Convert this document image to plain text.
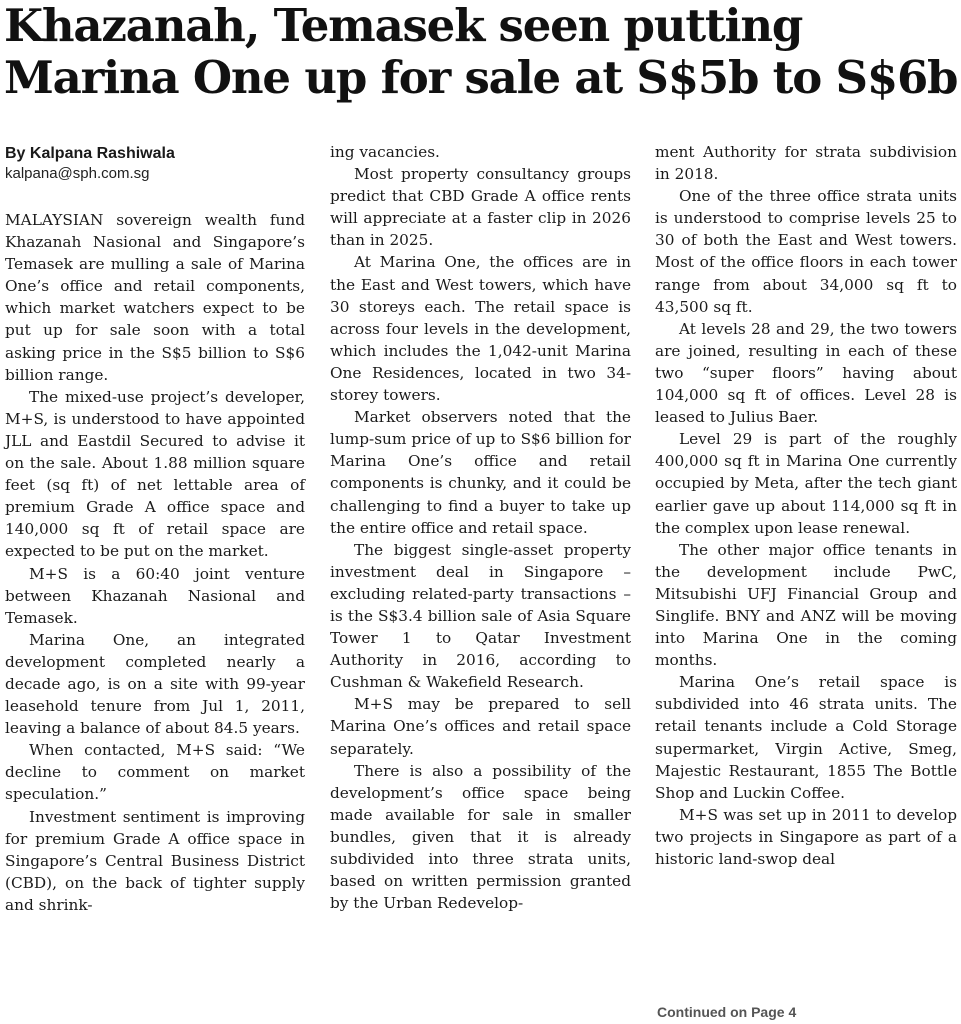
Khazanah, Temasek seen putting
Marina One up for sale at S$5b to S$6b
By Kalpana Rashiwala
kalpana@sph.com.sg

MALAYSIAN sovereign wealth fund Khazanah Nasional and Singapore’s Temasek are mulling a sale of Marina One’s office and retail components, which market watchers expect to be put up for sale soon with a total asking price in the S$5 billion to S$6 billion range.

The mixed-use project’s developer, M+S, is understood to have appointed JLL and Eastdil Secured to advise it on the sale. About 1.88 million square feet (sq ft) of net lettable area of premium Grade A office space and 140,000 sq ft of retail space are expected to be put on the market.

M+S is a 60:40 joint venture between Khazanah Nasional and Temasek.

Marina One, an integrated development completed nearly a decade ago, is on a site with 99-year leasehold tenure from Jul 1, 2011, leaving a balance of about 84.5 years.

When contacted, M+S said: “We decline to comment on market speculation.”

Investment sentiment is improving for premium Grade A office space in Singapore’s Central Business District (CBD), on the back of tighter supply and shrink-

ing vacancies.

Most property consultancy groups predict that CBD Grade A office rents will appreciate at a faster clip in 2026 than in 2025.

At Marina One, the offices are in the East and West towers, which have 30 storeys each. The retail space is across four levels in the development, which includes the 1,042-unit Marina One Residences, located in two 34-storey towers.

Market observers noted that the lump-sum price of up to S$6 billion for Marina One’s office and retail components is chunky, and it could be challenging to find a buyer to take up the entire office and retail space.

The biggest single-asset property investment deal in Singapore – excluding related-party transactions – is the S$3.4 billion sale of Asia Square Tower 1 to Qatar Investment Authority in 2016, according to Cushman & Wakefield Research.

M+S may be prepared to sell Marina One’s offices and retail space separately.

There is also a possibility of the development’s office space being made available for sale in smaller bundles, given that it is already subdivided into three strata units, based on written permission granted by the Urban Redevelop-

ment Authority for strata subdivision in 2018.

One of the three office strata units is understood to comprise levels 25 to 30 of both the East and West towers. Most of the office floors in each tower range from about 34,000 sq ft to 43,500 sq ft.

At levels 28 and 29, the two towers are joined, resulting in each of these two “super floors” having about 104,000 sq ft of offices. Level 28 is leased to Julius Baer.

Level 29 is part of the roughly 400,000 sq ft in Marina One currently occupied by Meta, after the tech giant earlier gave up about 114,000 sq ft in the complex upon lease renewal.

The other major office tenants in the development include PwC, Mitsubishi UFJ Financial Group and Singlife. BNY and ANZ will be moving into Marina One in the coming months.

Marina One’s retail space is subdivided into 46 strata units. The retail tenants include a Cold Storage supermarket, Virgin Active, Smeg, Majestic Restaurant, 1855 The Bottle Shop and Luckin Coffee.

M+S was set up in 2011 to develop two projects in Singapore as part of a historic land-swop deal

Continued on Page 4
